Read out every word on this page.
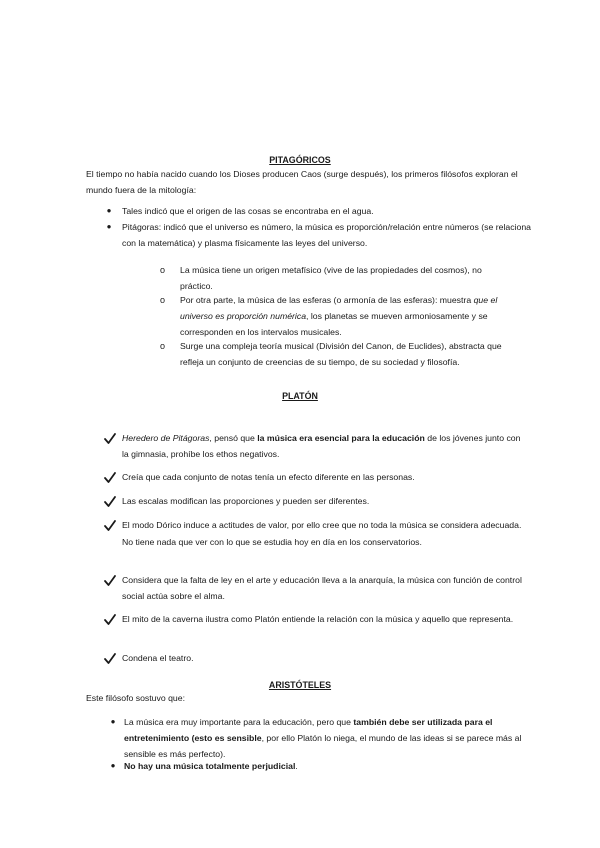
PITAGÓRICOS
El tiempo no había nacido cuando los Dioses producen Caos (surge después), los primeros filósofos exploran el mundo fuera de la mitología:
● Tales indicó que el origen de las cosas se encontraba en el agua.
● Pitágoras: indicó que el universo es número, la música es proporción/relación entre números (se relaciona con la matemática) y plasma físicamente las leyes del universo.
o La música tiene un origen metafísico (vive de las propiedades del cosmos), no práctico.
o Por otra parte, la música de las esferas (o armonía de las esferas): muestra que el universo es proporción numérica, los planetas se mueven armoniosamente y se corresponden en los intervalos musicales.
o Surge una compleja teoría musical (División del Canon, de Euclides), abstracta que refleja un conjunto de creencias de su tiempo, de su sociedad y filosofía.
PLATÓN
Heredero de Pitágoras, pensó que la música era esencial para la educación de los jóvenes junto con la gimnasia, prohíbe los ethos negativos.
Creía que cada conjunto de notas tenía un efecto diferente en las personas.
Las escalas modifican las proporciones y pueden ser diferentes.
El modo Dórico induce a actitudes de valor, por ello cree que no toda la música se considera adecuada. No tiene nada que ver con lo que se estudia hoy en día en los conservatorios.
Considera que la falta de ley en el arte y educación lleva a la anarquía, la música con función de control social actúa sobre el alma.
El mito de la caverna ilustra como Platón entiende la relación con la música y aquello que representa.
Condena el teatro.
ARISTÓTELES
Este filósofo sostuvo que:
● La música era muy importante para la educación, pero que también debe ser utilizada para el entretenimiento (esto es sensible, por ello Platón lo niega, el mundo de las ideas si se parece más al sensible es más perfecto).
● No hay una música totalmente perjudicial.
